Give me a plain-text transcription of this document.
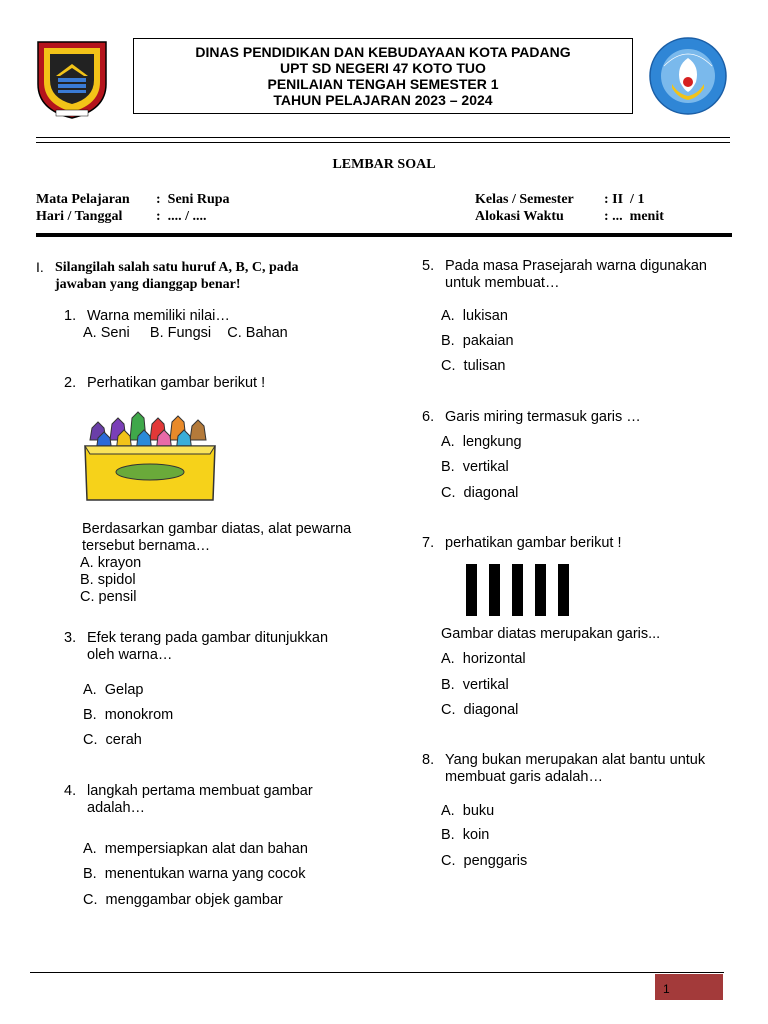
DINAS PENDIDIKAN DAN KEBUDAYAAN KOTA PADANG
UPT SD NEGERI 47 KOTO TUO
PENILAIAN TENGAH SEMESTER 1
TAHUN PELAJARAN 2023 – 2024
LEMBAR SOAL
Mata Pelajaran :  Seni Rupa
Hari / Tanggal :  .... / ....
Kelas / Semester : II  / 1
Alokasi Waktu	: ...  menit
I. Silangilah salah satu huruf A, B, C, pada
jawaban yang dianggap benar!
1. Warna memiliki nilai…
A. Seni     B. Fungsi    C. Bahan
2. Perhatikan gambar berikut !
Berdasarkan gambar diatas, alat pewarna
tersebut bernama…
A. krayon
B. spidol
C. pensil
3. Efek terang pada gambar ditunjukkan
oleh warna…
A.  Gelap
B.  monokrom
C.  cerah
4. langkah pertama membuat gambar
adalah…
A.  mempersiapkan alat dan bahan
B.  menentukan warna yang cocok
C.  menggambar objek gambar
5. Pada masa Prasejarah warna digunakan
untuk membuat…
A.  lukisan
B.  pakaian
C.  tulisan
6. Garis miring termasuk garis …
A.  lengkung
B.  vertikal
C.  diagonal
7. perhatikan gambar berikut !
Gambar diatas merupakan garis...
A.  horizontal
B.  vertikal
C.  diagonal
8. Yang bukan merupakan alat bantu untuk
membuat garis adalah…
A.  buku
B.  koin
C.  penggaris
1
